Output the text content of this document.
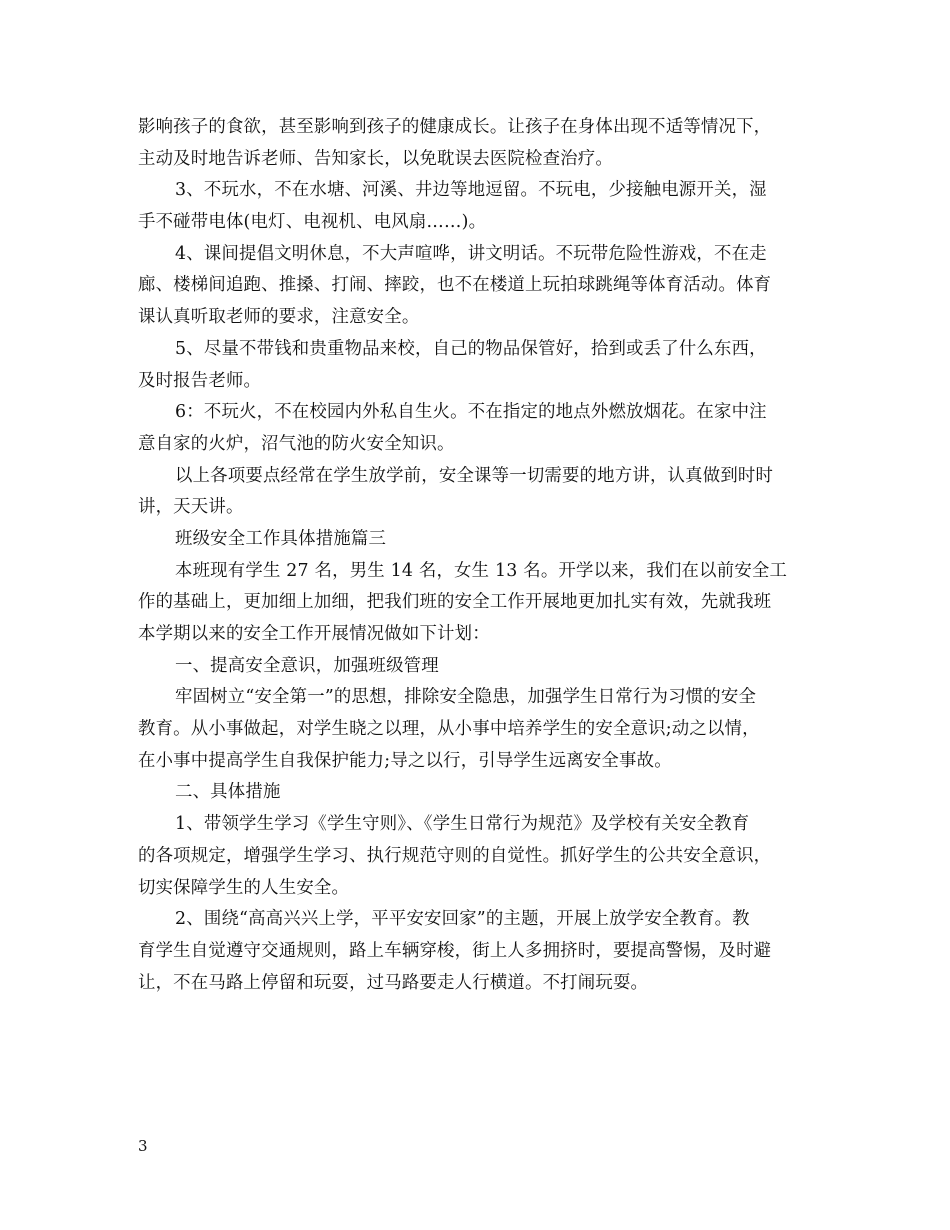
影响孩子的食欲，甚至影响到孩子的健康成长。让孩子在身体出现不适等情况下，
主动及时地告诉老师、告知家长，以免耽误去医院检查治疗。
3、不玩水，不在水塘、河溪、井边等地逗留。不玩电，少接触电源开关，湿
手不碰带电体(电灯、电视机、电风扇……)。
4、课间提倡文明休息，不大声喧哗，讲文明话。不玩带危险性游戏，不在走
廊、楼梯间追跑、推搡、打闹、摔跤，也不在楼道上玩拍球跳绳等体育活动。体育
课认真听取老师的要求，注意安全。
5、尽量不带钱和贵重物品来校，自己的物品保管好，拾到或丢了什么东西，
及时报告老师。
6：不玩火，不在校园内外私自生火。不在指定的地点外燃放烟花。在家中注
意自家的火炉，沼气池的防火安全知识。
以上各项要点经常在学生放学前，安全课等一切需要的地方讲，认真做到时时
讲，天天讲。
班级安全工作具体措施篇三
本班现有学生 27 名，男生 14 名，女生 13 名。开学以来，我们在以前安全工
作的基础上，更加细上加细，把我们班的安全工作开展地更加扎实有效，先就我班
本学期以来的安全工作开展情况做如下计划：
一、提高安全意识，加强班级管理
牢固树立“安全第一”的思想，排除安全隐患，加强学生日常行为习惯的安全
教育。从小事做起，对学生晓之以理，从小事中培养学生的安全意识;动之以情，
在小事中提高学生自我保护能力;导之以行，引导学生远离安全事故。
二、具体措施
1、带领学生学习《学生守则》、《学生日常行为规范》及学校有关安全教育
的各项规定，增强学生学习、执行规范守则的自觉性。抓好学生的公共安全意识，
切实保障学生的人生安全。
2、围绕“高高兴兴上学，平平安安回家”的主题，开展上放学安全教育。教
育学生自觉遵守交通规则，路上车辆穿梭，街上人多拥挤时，要提高警惕，及时避
让，不在马路上停留和玩耍，过马路要走人行横道。不打闹玩耍。
3
